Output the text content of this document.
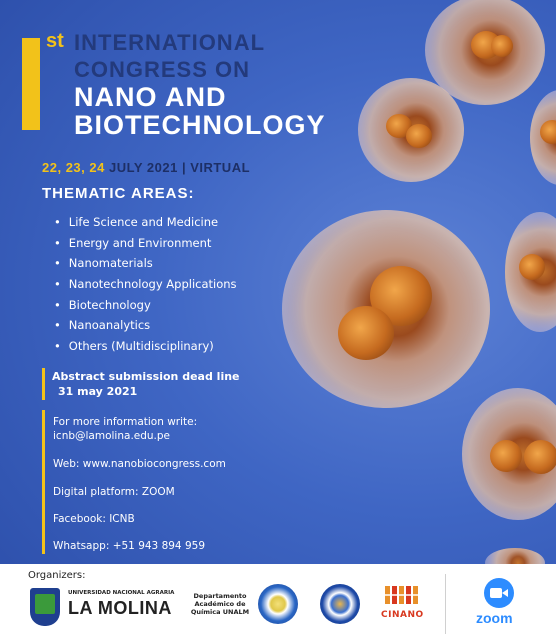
st INTERNATIONAL
CONGRESS ON
NANO AND
BIOTECHNOLOGY
22, 23, 24 JULY 2021 | VIRTUAL
THEMATIC AREAS:
• Life Science and Medicine
• Energy and Environment
• Nanomaterials
• Nanotechnology Applications
• Biotechnology
• Nanoanalytics
• Others (Multidisciplinary)
Abstract submission dead line
31 may 2021
For more information write:
icnb@lamolina.edu.pe
Web: www.nanobiocongress.com
Digital platform: ZOOM
Facebook: ICNB
Whatsapp: +51 943 894 959
Organizers:
UNIVERSIDAD NACIONAL AGRARIA
LA MOLINA
Departamento Académico de Química UNALM	CINANO	zoom
